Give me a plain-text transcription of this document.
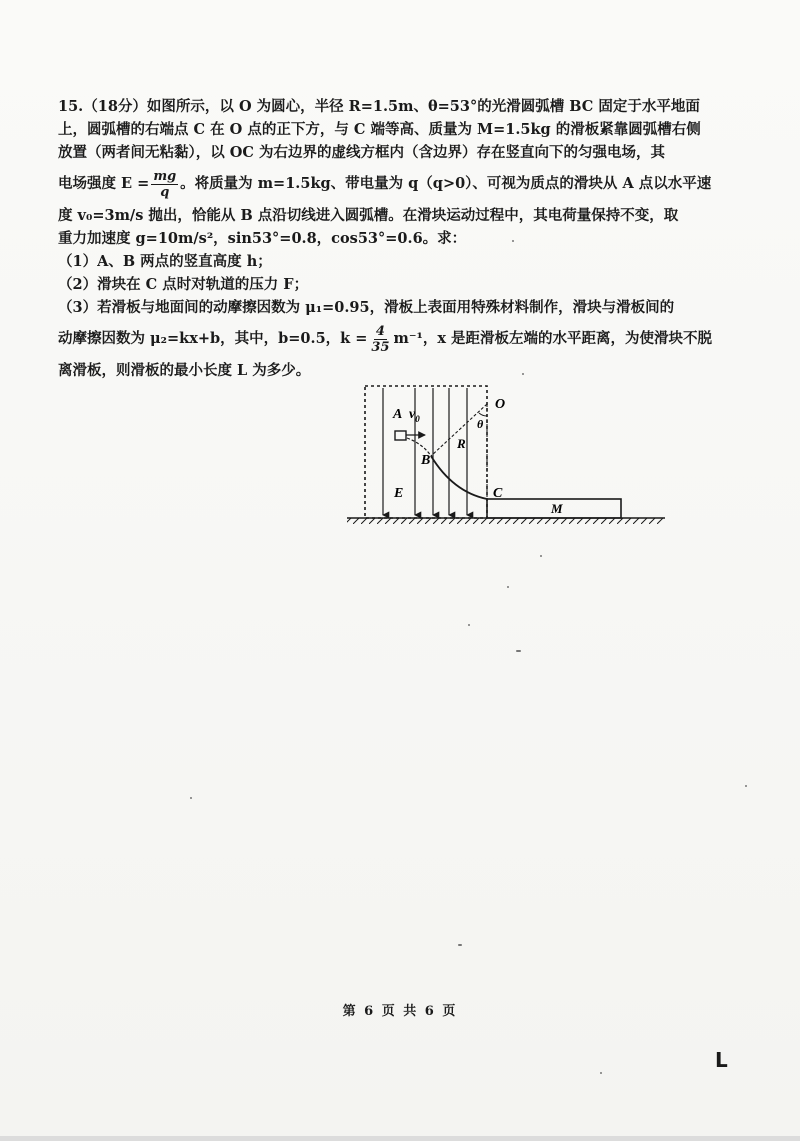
15.（18分）如图所示，以 O 为圆心，半径 R=1.5m、θ=53°的光滑圆弧槽 BC 固定于水平地面

上，圆弧槽的右端点 C 在 O 点的正下方，与 C 端等高、质量为 M=1.5kg 的滑板紧靠圆弧槽右侧

放置（两者间无粘黏），以 OC 为右边界的虚线方框内（含边界）存在竖直向下的匀强电场，其

电场强度 $E = \frac{mg}{q}$ 。将质量为 m=1.5kg、带电量为 q（q>0）、可视为质点的滑块从 A 点以水平速

度 v₀=3m/s 抛出，恰能从 B 点沿切线进入圆弧槽。在滑块运动过程中，其电荷量保持不变，取

重力加速度 g=10m/s²，sin53°=0.8，cos53°=0.6。求：

（1）A、B 两点的竖直高度 h；

（2）滑块在 C 点时对轨道的压力 F；

（3）若滑板与地面间的动摩擦因数为 μ₁=0.95，滑板上表面用特殊材料制作，滑块与滑板间的

动摩擦因数为 μ₂=kx+b，其中，b=0.5，$k = \frac{4}{35} m^{-1}$，x 是距滑板左端的水平距离，为使滑块不脱

离滑板，则滑板的最小长度 L 为多少。

A $v_0$
B
O
θ
R
E	C
M
第 6 页 共 6 页
L
